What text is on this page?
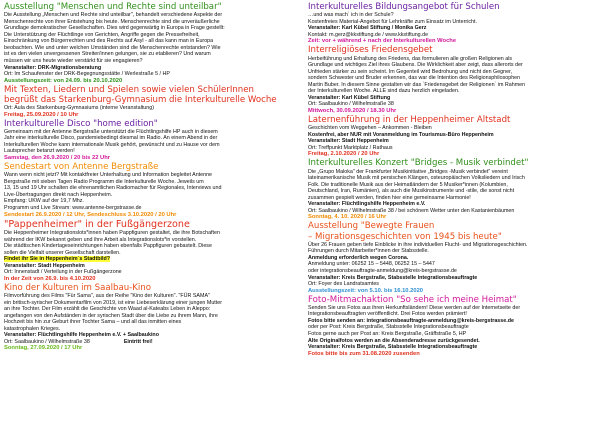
Ausstellung "Menschen und Rechte sind unteilbar"

Die Ausstellung „Menschen und Rechte sind unteilbar", behandelt verschiedene Aspekte der

Menschenrechte von ihrer Entstehung bis heute. Menschenrechte sind die unveräußerliche

Grundlage demokratischer Gesellschaften. Dies wird gegenwärtig in Europa in Frage gestellt:

Die Unterstützung der Flüchtlinge von Gerichten, Angriffe gegen die Pressefreiheit,

Einschränkung von Bürgerrechten und des Rechts auf Asyl - all das kann man in Europa

beobachten. Wie und unter welchen Umständen sind die Menschenrechte entstanden? Wie

ist es den vielen unvergessenen Streiter/innen gelungen, sie zu etablieren? Und warum

müssen wir uns heute wieder verstärkt für sie engagieren?

Veranstalter: DRK-Migrationsberatung

Ort: Im Schaufenster der DRK-Begegnungsstätte / Werlestraße 5 / HP

Ausstellungszeit: von 24.09. bis 20.10.2020
Mit Texten, Liedern und Spielen sowie vielen SchülerInnen
begrüßt das Starkenburg-Gymnasium die Interkulturelle Woche

Ort: Aula des Starkenburg-Gymnasiums (interne Veranstaltung)

Freitag, 25.09.2020 / 10 Uhr
Interkulturelle Disco "home edition"

Gemeinsam mit der Antenne Bergstraße unterstützt die Flüchtlingshilfe HP auch in diesem

Jahr eine interkulturelle Disco, pandemiebedingt diesmal im Radio. An einem Abend in der

Interkulturellen Woche kann internationale Musik gehört, gewünscht und zu Hause vor dem

Lautsprecher betanzt werden!

Samstag, den 26.9.2020 / 20 bis 22 Uhr
Sendestart von Antenne Bergstraße

Wann wenn nicht jetzt? Mit kontaktfreier Unterhaltung und Information begleitet Antenne

Bergstraße mit sieben Tagen Radio Programm die Interkulturelle Woche. Jeweils um

13, 15 und 19 Uhr schalten die ehrenamtlichen Radiomacher für Regionales, Interviews und

Live-Übertragungen direkt nach Heppenheim.

Empfang: UKW auf der 19,7 Mhz.

Programm und Live Stream: www.antenne-bergstrasse.de

Sendestart 26.9.2020 / 12 Uhr, Sendeschluss 3.10.2020 / 20 Uhr
"Pappenheimer" in der Fußgängerzone

Die Heppenheimer Integrationslots*innen haben Pappfiguren gestaltet, die ihre Botschaften

während der IKW bekannt geben und ihre Arbeit als Integrationslots*in vorstellen.

Die städtischen Kindertageseinrichtungen haben ebenfalls Pappfiguren gebastelt. Diese

sollen die Vielfalt unserer Gesellschaft darstellen.

Findet ihr Sie in Heppenheim´s Stadtbild?

Veranstalter: Stadt Heppenheim

Ort: Innenstadt / Verteilung in der Fußgängerzone

In der Zeit von 26.9. bis 4.10.2020
Kino der Kulturen im Saalbau-Kino

Filmvorführung des Films "Für Sama", aus der Reihe "Kino der Kulturen". "FÜR SAMA"

ein britisch-syrischer Dokumentarfilm von 2019, ist eine Liebeserklärung einer jungen Mutter

an ihre Tochter. Der Film erzählt die Geschichte von Waad al-Kateabs Leben in Aleppo:

angefangen von den Aufständen in der syrischen Stadt über die Liebe zu ihrem Mann, ihre

Hochzeit bis hin zur Geburt ihrer Tochter Sama – und all das inmitten eines

katastrophalen Krieges.

Veranstalter: Flüchtlingshilfe Heppenheim e.V. + Saalbaukino

Ort: Saalbaukino / Wilhelmstraße 38	Eintritt frei!

Sonntag, 27.09.2020 / 17 Uhr
Interkulturelles Bildungsangebot für Schulen

…und was mach´ ich in der Schule?

Kostenfreies Material-Angebot für Lehrkräfte zum Einsatz im Unterricht.

Veranstalter: Karl Kübel Stiftung / Monika Gerz

Kontakt: m.gerz@kkstiftung.de / www.kkstiftung.de

Zeit: vor + während + nach der Interkulturellen Woche
Interreligiöses Friedensgebet

Herbeiführung und Erhaltung des Friedens, das formulieren alle großen Religionen als

Grundlage und wichtiges Ziel ihres Glaubens. Die Wirklichkeit aber zeigt, dass allerorts der

Unfrieden stärker zu sein scheint. Im Gegenteil wird Bedrohung und nicht den Gegner,

sondern Schwester und Bruder erkennen, das war die Intention des Religionsphilosophen

Martin Buber. In diesem Sinne gestalten wir das `Friedensgebet der Religionen´ im Rahmen

der Interkulturellen Woche. ALLE sind dazu herzlich eingeladen.

Veranstalter: Karl Kübel Stiftung

Ort: Saalbaukino / Wilhelmstraße 38

Mittwoch, 30.09.2020 / 18.30 Uhr
Laternenführung in der Heppenheimer Altstadt

Geschichten vom Weggehen – Ankommen - Bleiben

Kostenfrei, aber NUR mit Voranmeldung im Tourismus-Büro Heppenheim

Veranstalter: Stadt Heppenheim

Ort: Treffpunkt Marktplatz / Rathaus

Freitag, 2.10.2020 / 20 Uhr
Interkulturelles Konzert "Bridges - Musik verbindet"

Die „Grupo Maloka" der Frankfurter Musikinitiative „Bridges -Musik verbindet" vereint

lateinamerikanische Musik mit persischen Klängen, osteuropäischen Volksliedern und Irisch

Folk. Die traditionelle Musik aus der Heimatländern der 5 Musiker*innen (Kolumbien,

Deutschland, Iran, Rumänien), als auch die Musikinstrumente und -stile, die sonst nicht

zusammen gespielt werden, finden hier eine gemeinsame Harmonie!

Veranstalter: Flüchtlingshilfe Heppenheim e.V.

Ort: Saalbaukino / Wilhelmstraße 38 / bei schönem Wetter unter den Kastanienbäumen

Sonntag, 4. 10. 2020 / 16 Uhr
Ausstellung "Bewegte Frauen
– Migrationsgeschichten von 1945 bis heute"

Über 26 Frauen geben tiefe Einblicke in ihre individuellen Flucht- und Migrationsgeschichten.

Führungen durch Mitarbeiter*innen der Stabsstelle.

Anmeldung erforderlich wegen Corona.

Anmeldung unter: 06252 15 – 5448, 06252 15 – 5447

oder integrationsbeauftragte-anmeldung@kreis-bergstrasse.de

Veranstalter: Kreis Bergstraße, Stabsstelle Integrationsbeauftragte

Ort: Foyer des Landratsamtes

Ausstellungszeit: von 5.10. bis 16.10.2020
Foto-Mitmachaktion "So sehe ich meine Heimat"

Senden Sie uns Fotos aus ihren Herkunftsländern! Diese werden auf der Internetseite der

Integrationsbeauftragten veröffentlicht. Drei Fotos werden prämiert!

Fotos bitte senden an: integrationsbeauftragte-anmeldung@kreis-bergstrasse.de

oder per Post: Kreis Bergstraße, Stabsstelle Integrationsbeauftragte

Fotos gerne auch per Post an: Kreis Bergstraße, Gräffstraße 5, HP

Alte Originalfotos werden an die Absenderadresse zurückgesendet.

Veranstalter: Kreis Bergstraße, Stabsstelle Integrationsbeauftragte

Fotos bitte bis zum 31.08.2020 zusenden
